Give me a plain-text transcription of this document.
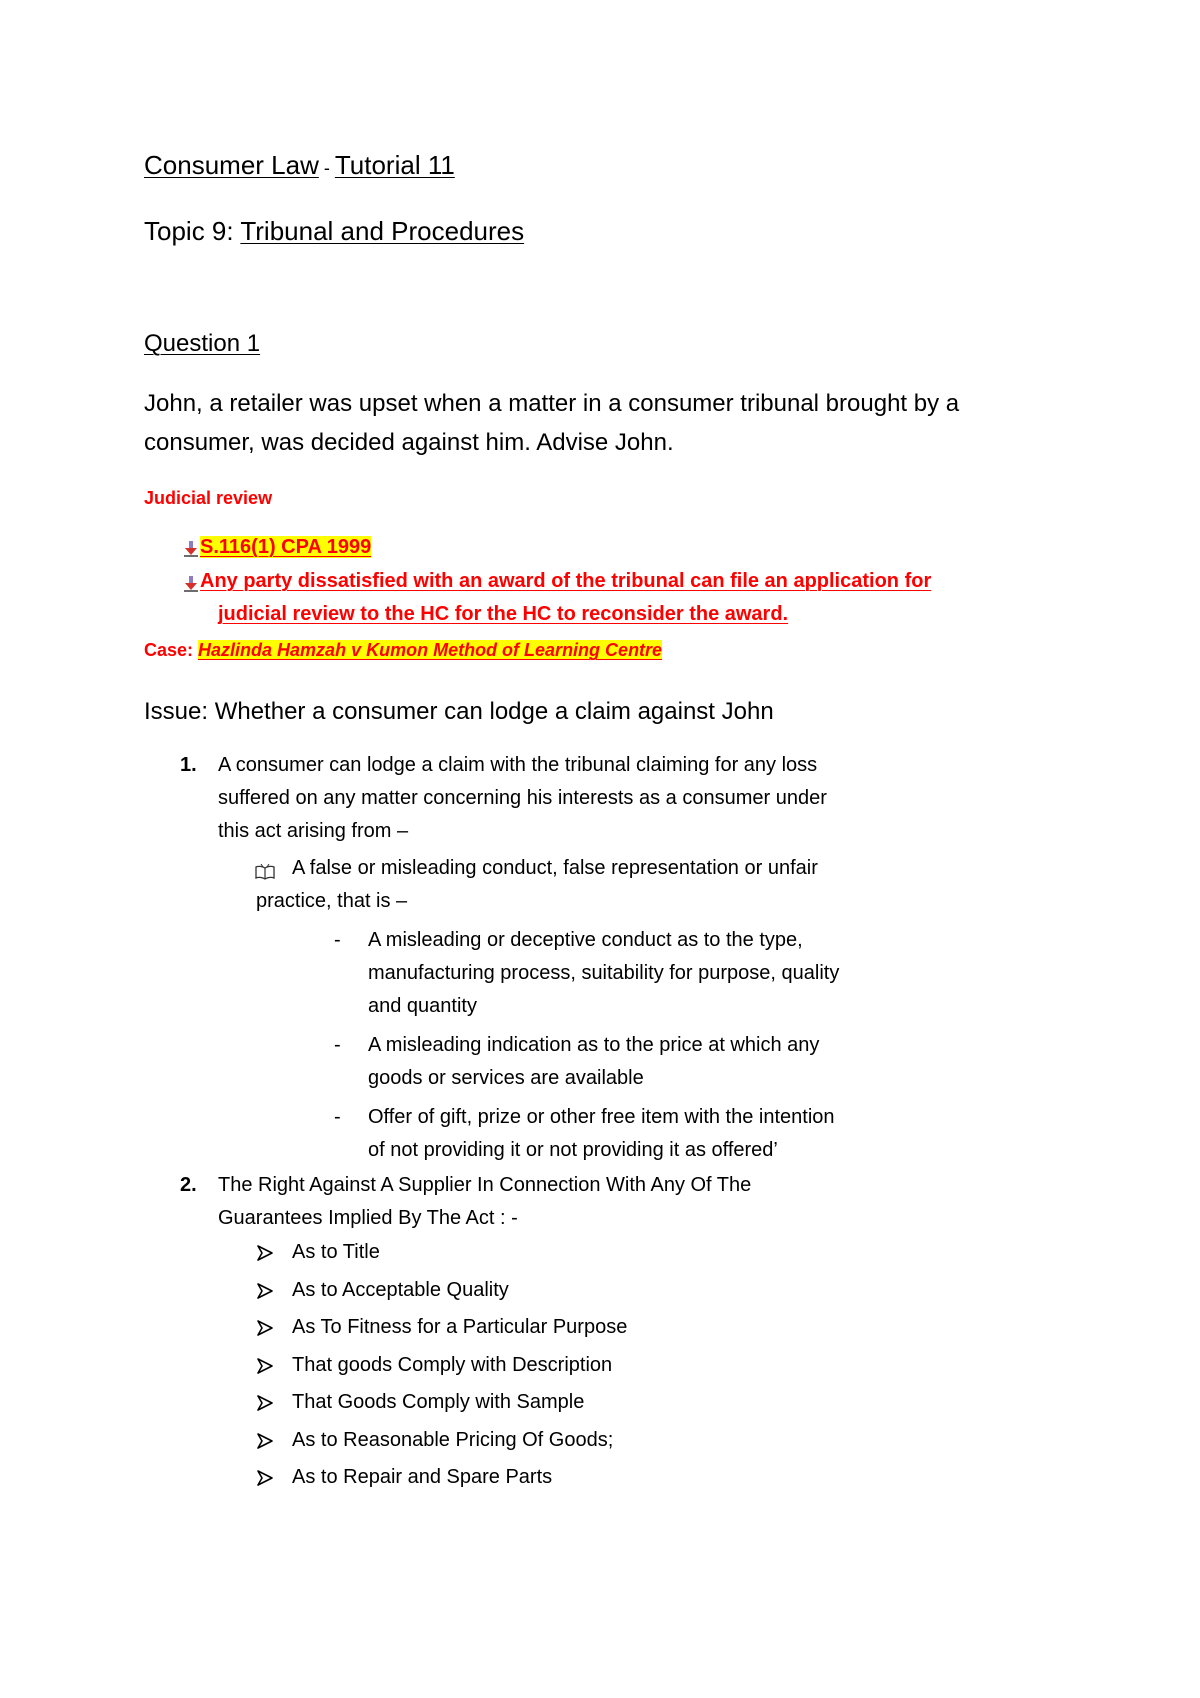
Consumer Law - Tutorial 11
Topic 9: Tribunal and Procedures
Question 1
John, a retailer was upset when a matter in a consumer tribunal brought by a
consumer, was decided against him. Advise John.
Judicial review
S.116(1) CPA 1999
Any party dissatisfied with an award of the tribunal can file an application for
judicial review to the HC for the HC to reconsider the award.
Case: Hazlinda Hamzah v Kumon Method of Learning Centre
Issue: Whether a consumer can lodge a claim against John
1. A consumer can lodge a claim with the tribunal claiming for any loss
suffered on any matter concerning his interests as a consumer under
this act arising from –
A false or misleading conduct, false representation or unfair
practice, that is –
- A misleading or deceptive conduct as to the type,
manufacturing process, suitability for purpose, quality
and quantity
- A misleading indication as to the price at which any
goods or services are available
- Offer of gift, prize or other free item with the intention
of not providing it or not providing it as offered’
2. The Right Against A Supplier In Connection With Any Of The
Guarantees Implied By The Act : -
As to Title
As to Acceptable Quality
As To Fitness for a Particular Purpose
That goods Comply with Description
That Goods Comply with Sample
As to Reasonable Pricing Of Goods;
As to Repair and Spare Parts
